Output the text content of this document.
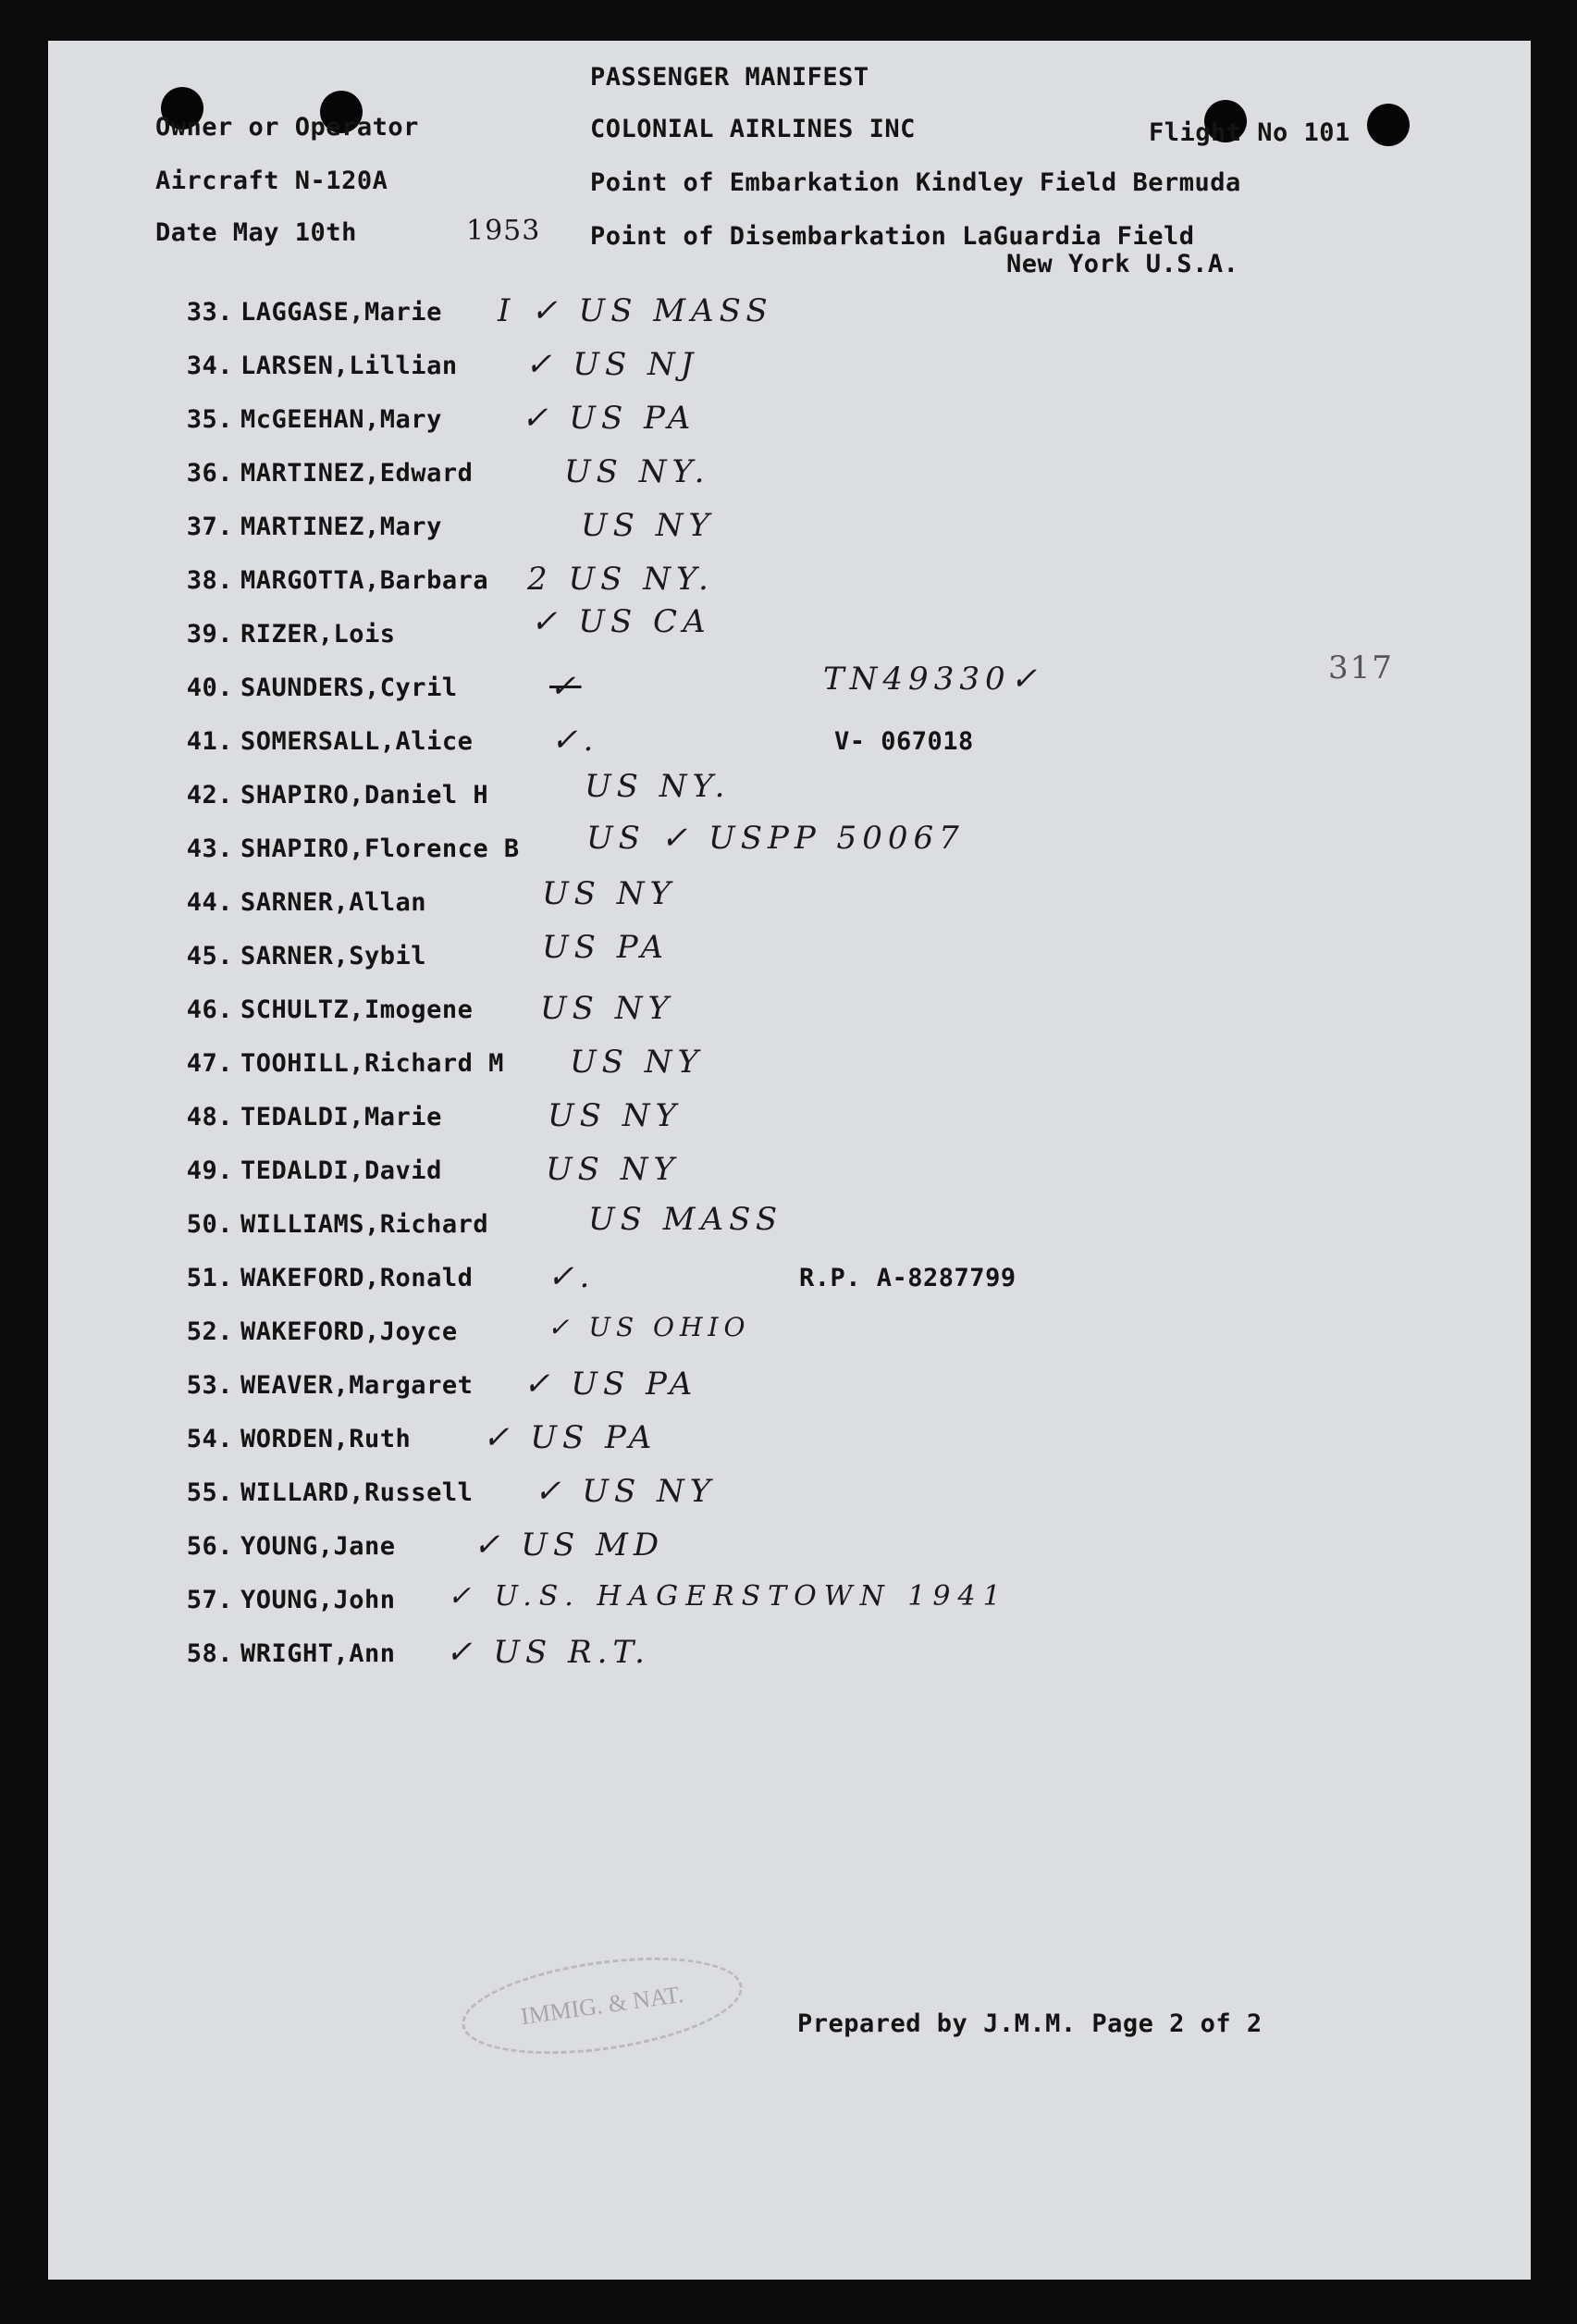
PASSENGER MANIFEST
Owner or Operator	COLONIAL AIRLINES INC	Flight No 101
Aircraft N-120A	Point of Embarkation Kindley Field Bermuda
Date May 10th	1953 Point of Disembarkation LaGuardia Field
New York U.S.A.
33. LAGGASE,Marie I ✓ US MASS
34. LARSEN,Lillian ✓ US NJ
35. McGEEHAN,Mary	✓ US PA
36. MARTINEZ,Edward	US NY.
37. MARTINEZ,Mary	US NY
38. MARGOTTA,Barbara 2 US NY.
39. RIZER,Lois	✓ US CA
40. SAUNDERS,Cyril	✓	TN49330✓	317
41. SOMERSALL,Alice ✓.	V- 067018
42. SHAPIRO,Daniel H	US NY.
43. SHAPIRO,Florence B US ✓ USPP 50067
44. SARNER,Allan	US NY
45. SARNER,Sybil	US PA
46. SCHULTZ,Imogene US NY
47. TOOHILL,Richard M US NY
48. TEDALDI,Marie	US NY
49. TEDALDI,David	US NY
50. WILLIAMS,Richard	US MASS
51. WAKEFORD,Ronald ✓.	R.P. A-8287799
52. WAKEFORD,Joyce	✓ US OHIO
53. WEAVER,Margaret ✓ US PA
54. WORDEN,Ruth ✓ US PA
55. WILLARD,Russell ✓ US NY
56. YOUNG,Jane ✓ US MD
57. YOUNG,John ✓ U.S. HAGERSTOWN 1941
58. WRIGHT,Ann ✓ US R.T.
IMMIG. & NAT.	Prepared by J.M.M. Page 2 of 2
